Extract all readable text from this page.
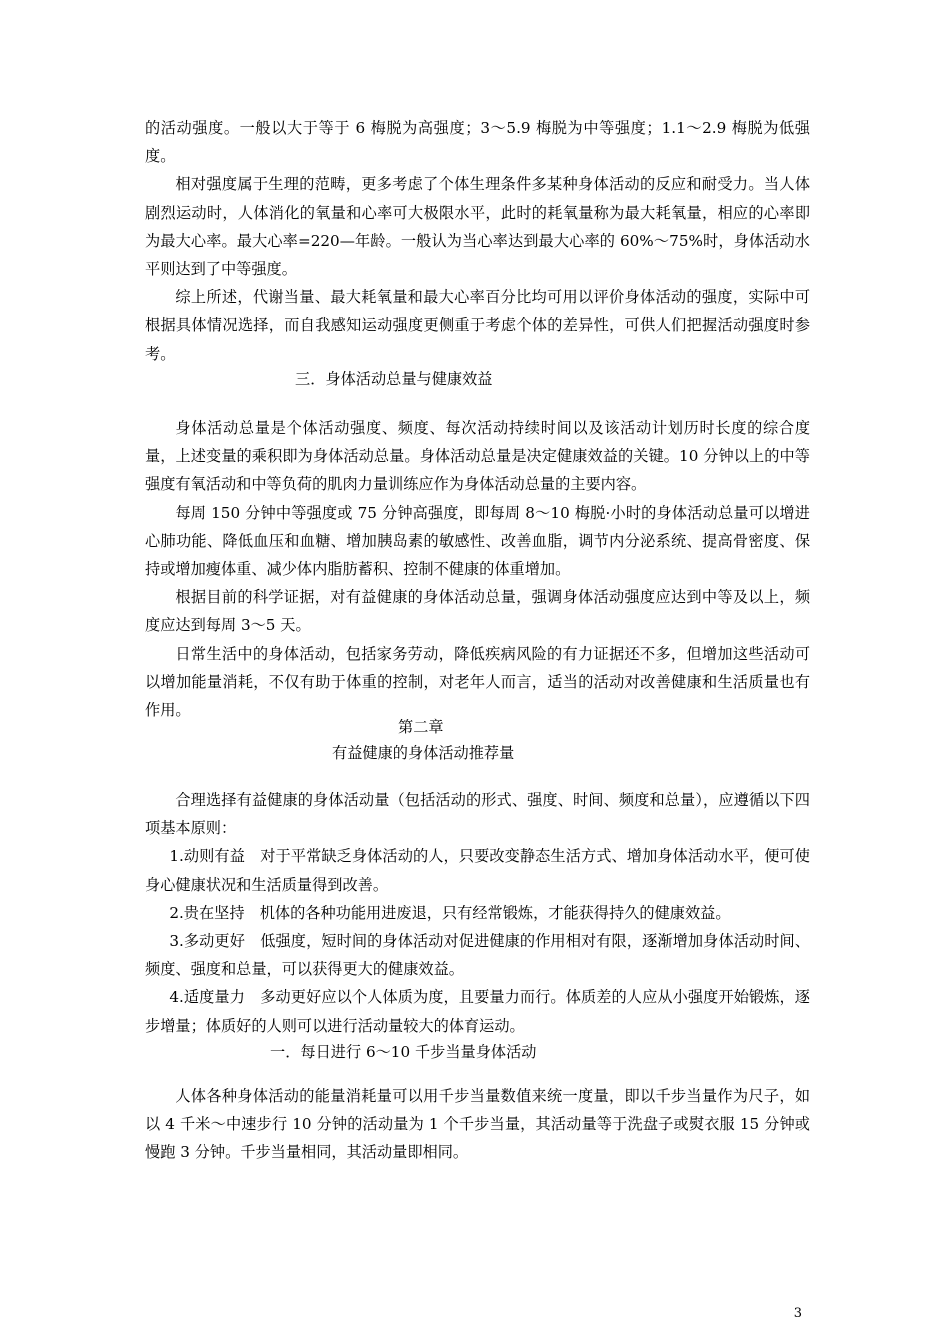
的活动强度。一般以大于等于 6 梅脱为高强度；3～5.9 梅脱为中等强度；1.1～2.9 梅脱为低强度。

相对强度属于生理的范畴，更多考虑了个体生理条件多某种身体活动的反应和耐受力。当人体剧烈运动时，人体消化的氧量和心率可大极限水平，此时的耗氧量称为最大耗氧量，相应的心率即为最大心率。最大心率=220—年龄。一般认为当心率达到最大心率的 60%～75%时，身体活动水平则达到了中等强度。

综上所述，代谢当量、最大耗氧量和最大心率百分比均可用以评价身体活动的强度，实际中可根据具体情况选择，而自我感知运动强度更侧重于考虑个体的差异性，可供人们把握活动强度时参考。

三．身体活动总量与健康效益

身体活动总量是个体活动强度、频度、每次活动持续时间以及该活动计划历时长度的综合度量，上述变量的乘积即为身体活动总量。身体活动总量是决定健康效益的关键。10 分钟以上的中等强度有氧活动和中等负荷的肌肉力量训练应作为身体活动总量的主要内容。

每周 150 分钟中等强度或 75 分钟高强度，即每周 8～10 梅脱·小时的身体活动总量可以增进心肺功能、降低血压和血糖、增加胰岛素的敏感性、改善血脂，调节内分泌系统、提高骨密度、保持或增加瘦体重、减少体内脂肪蓄积、控制不健康的体重增加。

根据目前的科学证据，对有益健康的身体活动总量，强调身体活动强度应达到中等及以上，频度应达到每周 3～5 天。

日常生活中的身体活动，包括家务劳动，降低疾病风险的有力证据还不多，但增加这些活动可以增加能量消耗，不仅有助于体重的控制，对老年人而言，适当的活动对改善健康和生活质量也有作用。

第二章
有益健康的身体活动推荐量

合理选择有益健康的身体活动量（包括活动的形式、强度、时间、频度和总量），应遵循以下四项基本原则：

1.动则有益　对于平常缺乏身体活动的人，只要改变静态生活方式、增加身体活动水平，便可使身心健康状况和生活质量得到改善。

2.贵在坚持　机体的各种功能用进废退，只有经常锻炼，才能获得持久的健康效益。

3.多动更好　低强度，短时间的身体活动对促进健康的作用相对有限，逐渐增加身体活动时间、频度、强度和总量，可以获得更大的健康效益。

4.适度量力　多动更好应以个人体质为度，且要量力而行。体质差的人应从小强度开始锻炼，逐步增量；体质好的人则可以进行活动量较大的体育运动。

一．每日进行 6～10 千步当量身体活动

人体各种身体活动的能量消耗量可以用千步当量数值来统一度量，即以千步当量作为尺子，如以 4 千米～中速步行 10 分钟的活动量为 1 个千步当量，其活动量等于洗盘子或熨衣服 15 分钟或慢跑 3 分钟。千步当量相同，其活动量即相同。

3
